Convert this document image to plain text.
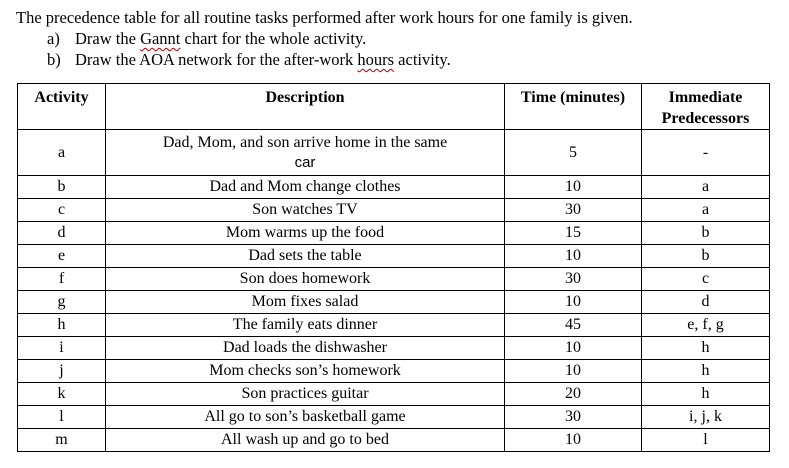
The precedence table for all routine tasks performed after work hours for one family is given.
a) Draw the Gannt chart for the whole activity.
b) Draw the AOA network for the after-work hours activity.
Activity	Description	Time (minutes)	Immediate
Predecessors
a	Dad, Mom, and son arrive home in the same
car	5	-
b	Dad and Mom change clothes	10	a
c	Son watches TV	30	a
d	Mom warms up the food	15	b
e	Dad sets the table	10	b
f	Son does homework	30	c
g	Mom fixes salad	10	d
h	The family eats dinner	45	e, f, g
i	Dad loads the dishwasher	10	h
j	Mom checks son’s homework	10	h
k	Son practices guitar	20	h
l	All go to son’s basketball game	30	i, j, k
m	All wash up and go to bed	10	l
